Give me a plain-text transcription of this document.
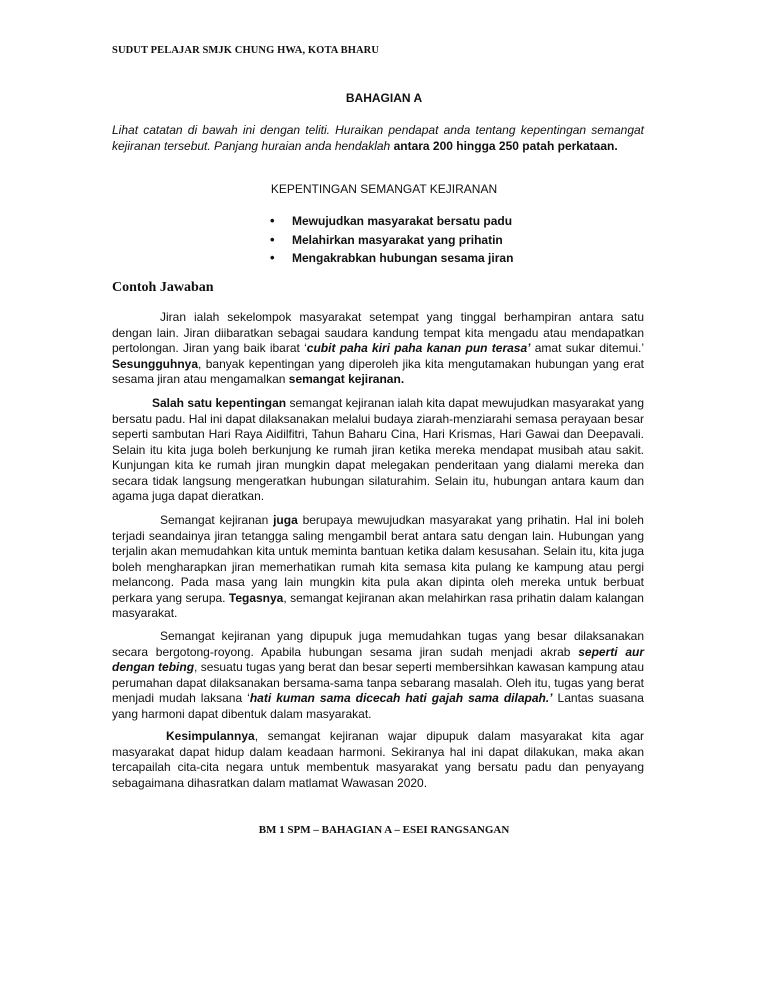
SUDUT PELAJAR SMJK CHUNG HWA, KOTA BHARU
BAHAGIAN A
Lihat catatan di bawah ini dengan teliti. Huraikan pendapat anda tentang kepentingan semangat kejiranan tersebut. Panjang huraian anda hendaklah antara 200 hingga 250 patah perkataan.
KEPENTINGAN SEMANGAT KEJIRANAN
• Mewujudkan masyarakat bersatu padu
• Melahirkan masyarakat yang prihatin
• Mengakrabkan hubungan sesama jiran
Contoh Jawaban
Jiran ialah sekelompok masyarakat setempat yang tinggal berhampiran antara satu dengan lain. Jiran diibaratkan sebagai saudara kandung tempat kita mengadu atau mendapatkan pertolongan. Jiran yang baik ibarat ‘cubit paha kiri paha kanan pun terasa’ amat sukar ditemui.’ Sesungguhnya, banyak kepentingan yang diperoleh jika kita mengutamakan hubungan yang erat sesama jiran atau mengamalkan semangat kejiranan.
Salah satu kepentingan semangat kejiranan ialah kita dapat mewujudkan masyarakat yang bersatu padu. Hal ini dapat dilaksanakan melalui budaya ziarah-menziarahi semasa perayaan besar seperti sambutan Hari Raya Aidilfitri, Tahun Baharu Cina, Hari Krismas, Hari Gawai dan Deepavali. Selain itu kita juga boleh berkunjung ke rumah jiran ketika mereka mendapat musibah atau sakit. Kunjungan kita ke rumah jiran mungkin dapat melegakan penderitaan yang dialami mereka dan secara tidak langsung mengeratkan hubungan silaturahim. Selain itu, hubungan antara kaum dan agama juga dapat dieratkan.
Semangat kejiranan juga berupaya mewujudkan masyarakat yang prihatin. Hal ini boleh terjadi seandainya jiran tetangga saling mengambil berat antara satu dengan lain. Hubungan yang terjalin akan memudahkan kita untuk meminta bantuan ketika dalam kesusahan. Selain itu, kita juga boleh mengharapkan jiran memerhatikan rumah kita semasa kita pulang ke kampung atau pergi melancong. Pada masa yang lain mungkin kita pula akan dipinta oleh mereka untuk berbuat perkara yang serupa. Tegasnya, semangat kejiranan akan melahirkan rasa prihatin dalam kalangan masyarakat.
Semangat kejiranan yang dipupuk juga memudahkan tugas yang besar dilaksanakan secara bergotong-royong. Apabila hubungan sesama jiran sudah menjadi akrab seperti aur dengan tebing, sesuatu tugas yang berat dan besar seperti membersihkan kawasan kampung atau perumahan dapat dilaksanakan bersama-sama tanpa sebarang masalah. Oleh itu, tugas yang berat menjadi mudah laksana ‘hati kuman sama dicecah hati gajah sama dilapah.’ Lantas suasana yang harmoni dapat dibentuk dalam masyarakat.
Kesimpulannya, semangat kejiranan wajar dipupuk dalam masyarakat kita agar masyarakat dapat hidup dalam keadaan harmoni. Sekiranya hal ini dapat dilakukan, maka akan tercapailah cita-cita negara untuk membentuk masyarakat yang bersatu padu dan penyayang sebagaimana dihasratkan dalam matlamat Wawasan 2020.
BM 1 SPM – BAHAGIAN A – ESEI RANGSANGAN
